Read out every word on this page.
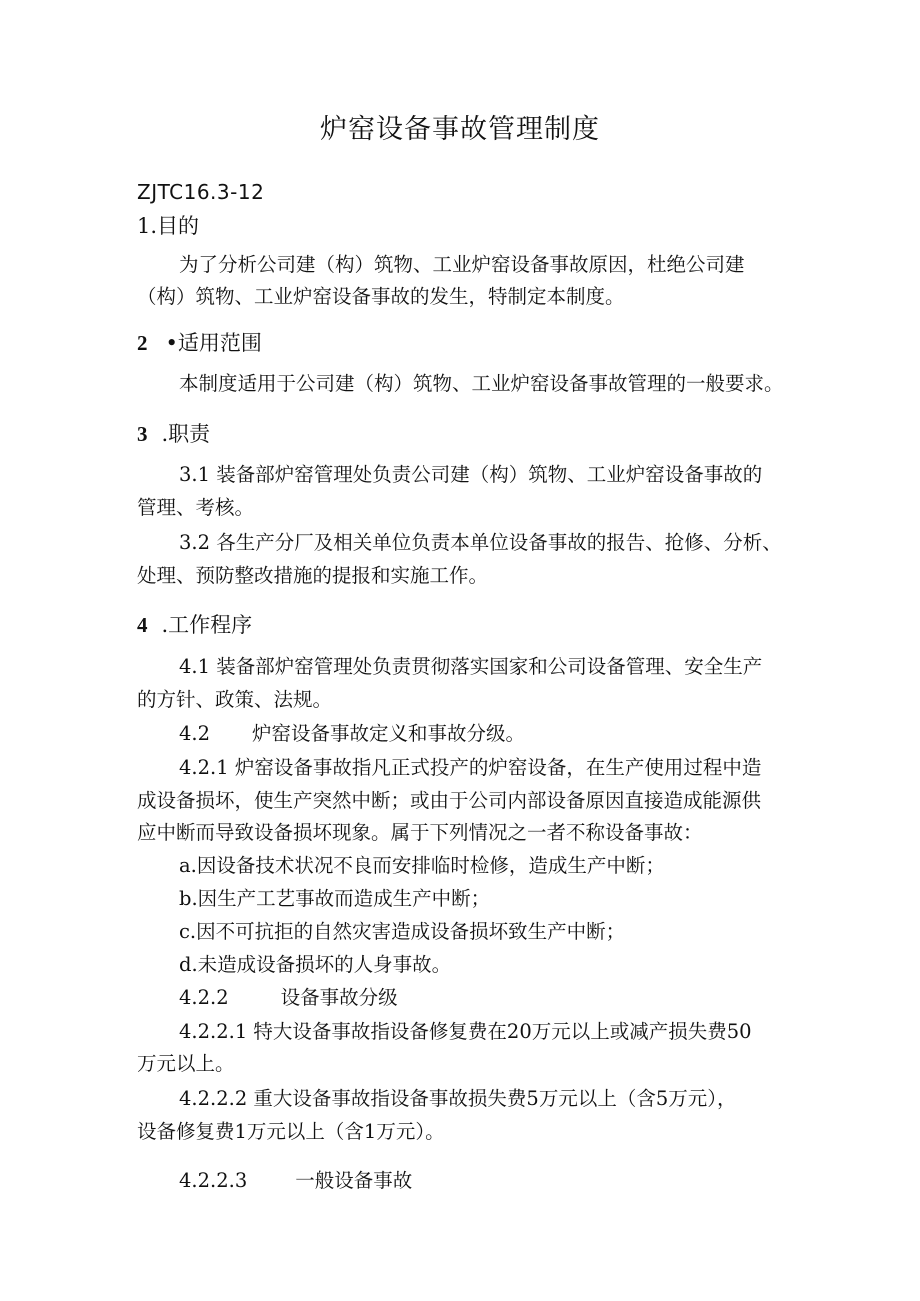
炉窑设备事故管理制度
ZJTC16.3-12
1.目的
为了分析公司建（构）筑物、工业炉窑设备事故原因，杜绝公司建
（构）筑物、工业炉窑设备事故的发生，特制定本制度。
2 •适用范围
本制度适用于公司建（构）筑物、工业炉窑设备事故管理的一般要求。
3 .职责
3.1 装备部炉窑管理处负责公司建（构）筑物、工业炉窑设备事故的
管理、考核。
3.2 各生产分厂及相关单位负责本单位设备事故的报告、抢修、分析、
处理、预防整改措施的提报和实施工作。
4 .工作程序
4.1 装备部炉窑管理处负责贯彻落实国家和公司设备管理、安全生产
的方针、政策、法规。
4.2 炉窑设备事故定义和事故分级。
4.2.1 炉窑设备事故指凡正式投产的炉窑设备，在生产使用过程中造
成设备损坏，使生产突然中断；或由于公司内部设备原因直接造成能源供
应中断而导致设备损坏现象。属于下列情况之一者不称设备事故：
a.因设备技术状况不良而安排临时检修，造成生产中断；
b.因生产工艺事故而造成生产中断；
c.因不可抗拒的自然灾害造成设备损坏致生产中断；
d.未造成设备损坏的人身事故。
4.2.2	设备事故分级
4.2.2.1 特大设备事故指设备修复费在20万元以上或减产损失费50
万元以上。
4.2.2.2 重大设备事故指设备事故损失费5万元以上（含5万元），
设备修复费1万元以上（含1万元）。
4.2.2.3 一般设备事故
